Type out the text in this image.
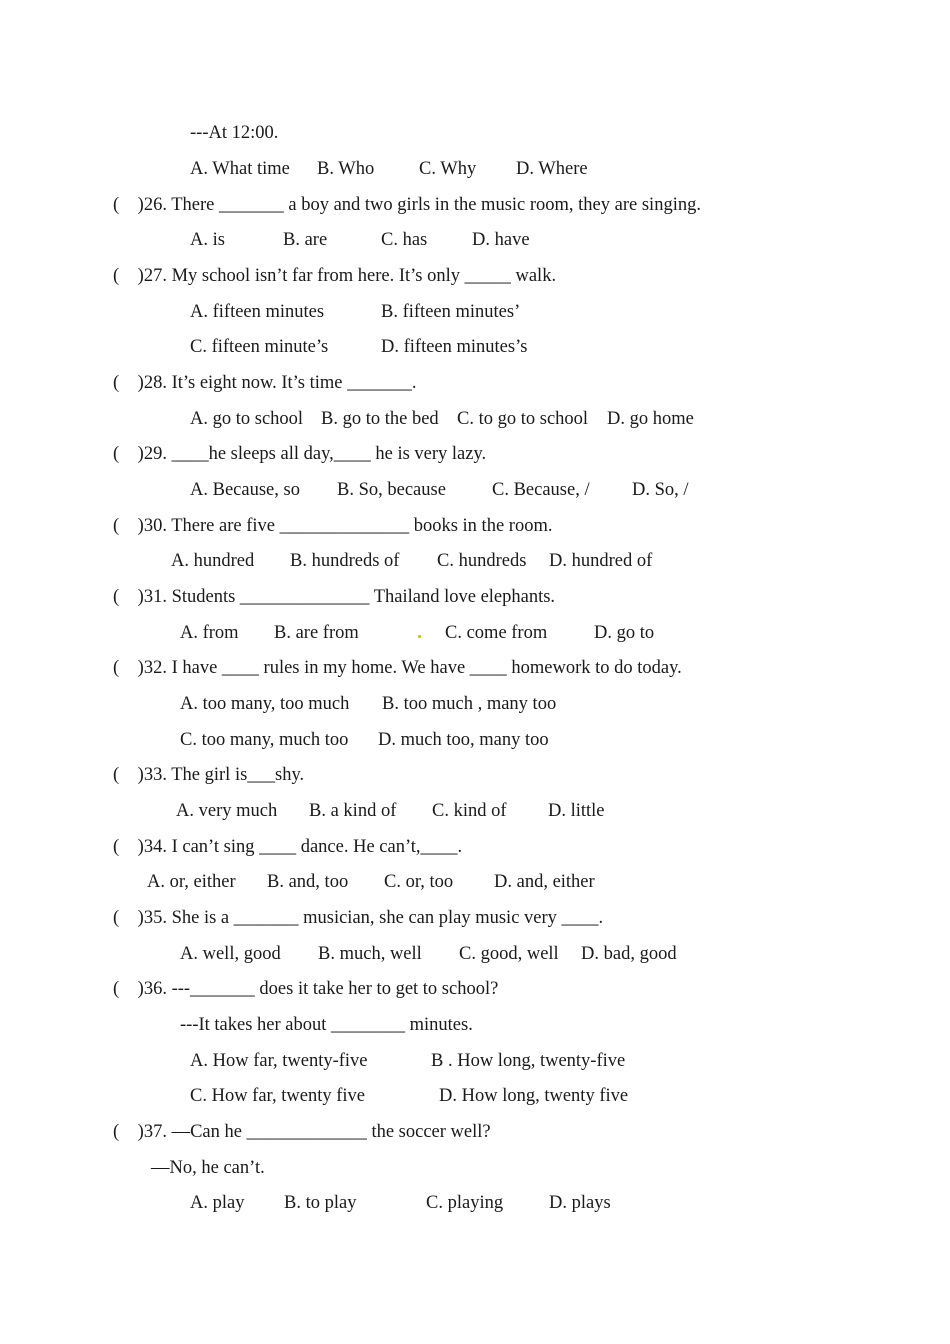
---At 12:00.
A. What time B. Who C. Why D. Where
(    )26. There _______ a boy and two girls in the music room, they are singing.
A. is	B. are	C. has D. have
(    )27. My school isn’t far from here. It’s only _____ walk.
A. fifteen minutes	B. fifteen minutes’
C. fifteen minute’s	D. fifteen minutes’s
(    )28. It’s eight now. It’s time _______.
A. go to school B. go to the bed C. to go to school D. go home
(    )29. ____he sleeps all day,____ he is very lazy.
A. Because, so B. So, because C. Because, / D. So, /
(    )30. There are five ______________ books in the room.
A. hundred B. hundreds of C. hundreds D. hundred of
(    )31. Students ______________ Thailand love elephants.
A. from B. are from	C. come from	D. go to
(    )32. I have ____ rules in my home. We have ____ homework to do today.
A. too many, too much B. too much , many too
C. too many, much too D. much too, many too
(    )33. The girl is___shy.
A. very much B. a kind of C. kind of D. little
(    )34. I can’t sing ____ dance. He can’t,____.
A. or, either B. and, too C. or, too D. and, either
(    )35. She is a _______ musician, she can play music very ____.
A. well, good B. much, well C. good, well D. bad, good
(    )36. ---_______ does it take her to get to school?
---It takes her about ________ minutes.
A. How far, twenty-five	B . How long, twenty-five
C. How far, twenty five	D. How long, twenty five
(    )37. ―Can he _____________ the soccer well?
―No, he can’t.
A. play B. to play	C. playing D. plays
